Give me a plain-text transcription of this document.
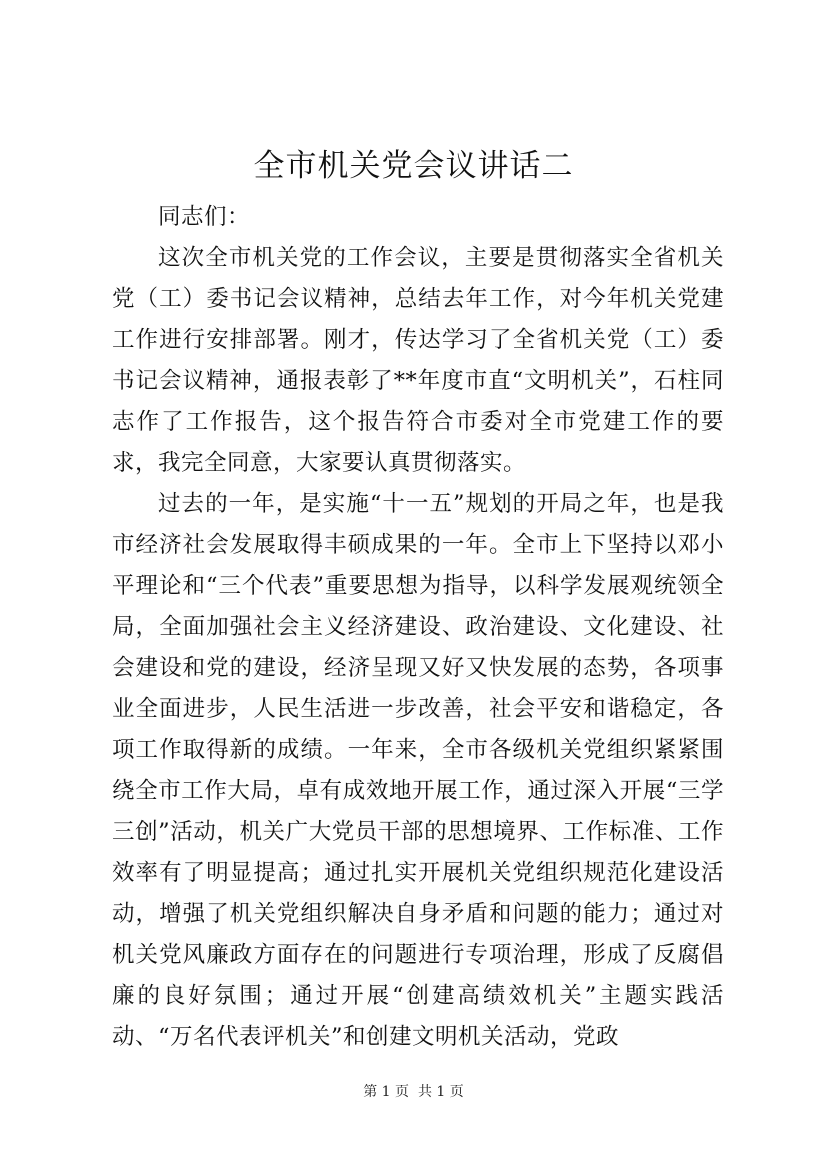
全市机关党会议讲话二

同志们：

这次全市机关党的工作会议，主要是贯彻落实全省机关党（工）委书记会议精神，总结去年工作，对今年机关党建工作进行安排部署。刚才，传达学习了全省机关党（工）委书记会议精神，通报表彰了**年度市直“文明机关”，石柱同志作了工作报告，这个报告符合市委对全市党建工作的要求，我完全同意，大家要认真贯彻落实。

过去的一年，是实施“十一五”规划的开局之年，也是我市经济社会发展取得丰硕成果的一年。全市上下坚持以邓小平理论和“三个代表”重要思想为指导，以科学发展观统领全局，全面加强社会主义经济建设、政治建设、文化建设、社会建设和党的建设，经济呈现又好又快发展的态势，各项事业全面进步，人民生活进一步改善，社会平安和谐稳定，各项工作取得新的成绩。一年来，全市各级机关党组织紧紧围绕全市工作大局，卓有成效地开展工作，通过深入开展“三学三创”活动，机关广大党员干部的思想境界、工作标准、工作效率有了明显提高；通过扎实开展机关党组织规范化建设活动，增强了机关党组织解决自身矛盾和问题的能力；通过对机关党风廉政方面存在的问题进行专项治理，形成了反腐倡廉的良好氛围；通过开展“创建高绩效机关”主题实践活动、“万名代表评机关”和创建文明机关活动，党政

第 1 页  共 1 页
